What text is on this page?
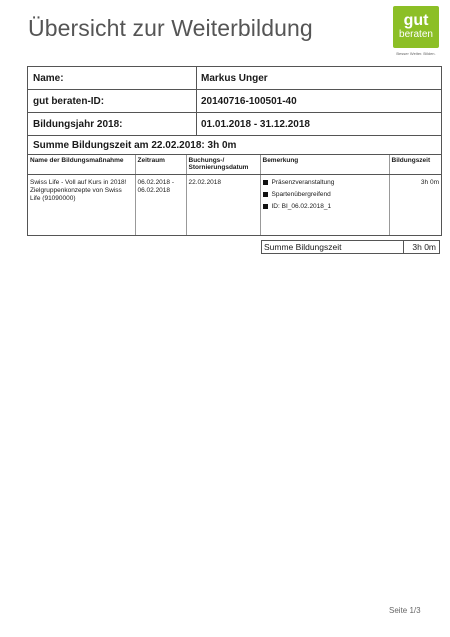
Übersicht zur Weiterbildung	gut
beraten
Besser Weiter. Bilden.
Name:	Markus Unger
gut beraten-ID:	20140716-100501-40
Bildungsjahr 2018:	01.01.2018 - 31.12.2018
Summe Bildungszeit am 22.02.2018: 3h 0m
Name der Bildungsmaßnahme	Zeitraum	Buchungs-/ Stornierungsdatum	Bemerkung	Bildungszeit
Swiss Life - Voll auf Kurs in 2018! Zielgruppenkonzepte von Swiss Life (91090000)	06.02.2018 - 06.02.2018	22.02.2018	Präsenzveranstaltung
Spartenübergreifend
ID: BI_06.02.2018_1	3h 0m
Summe Bildungszeit	3h 0m
Seite 1/3
